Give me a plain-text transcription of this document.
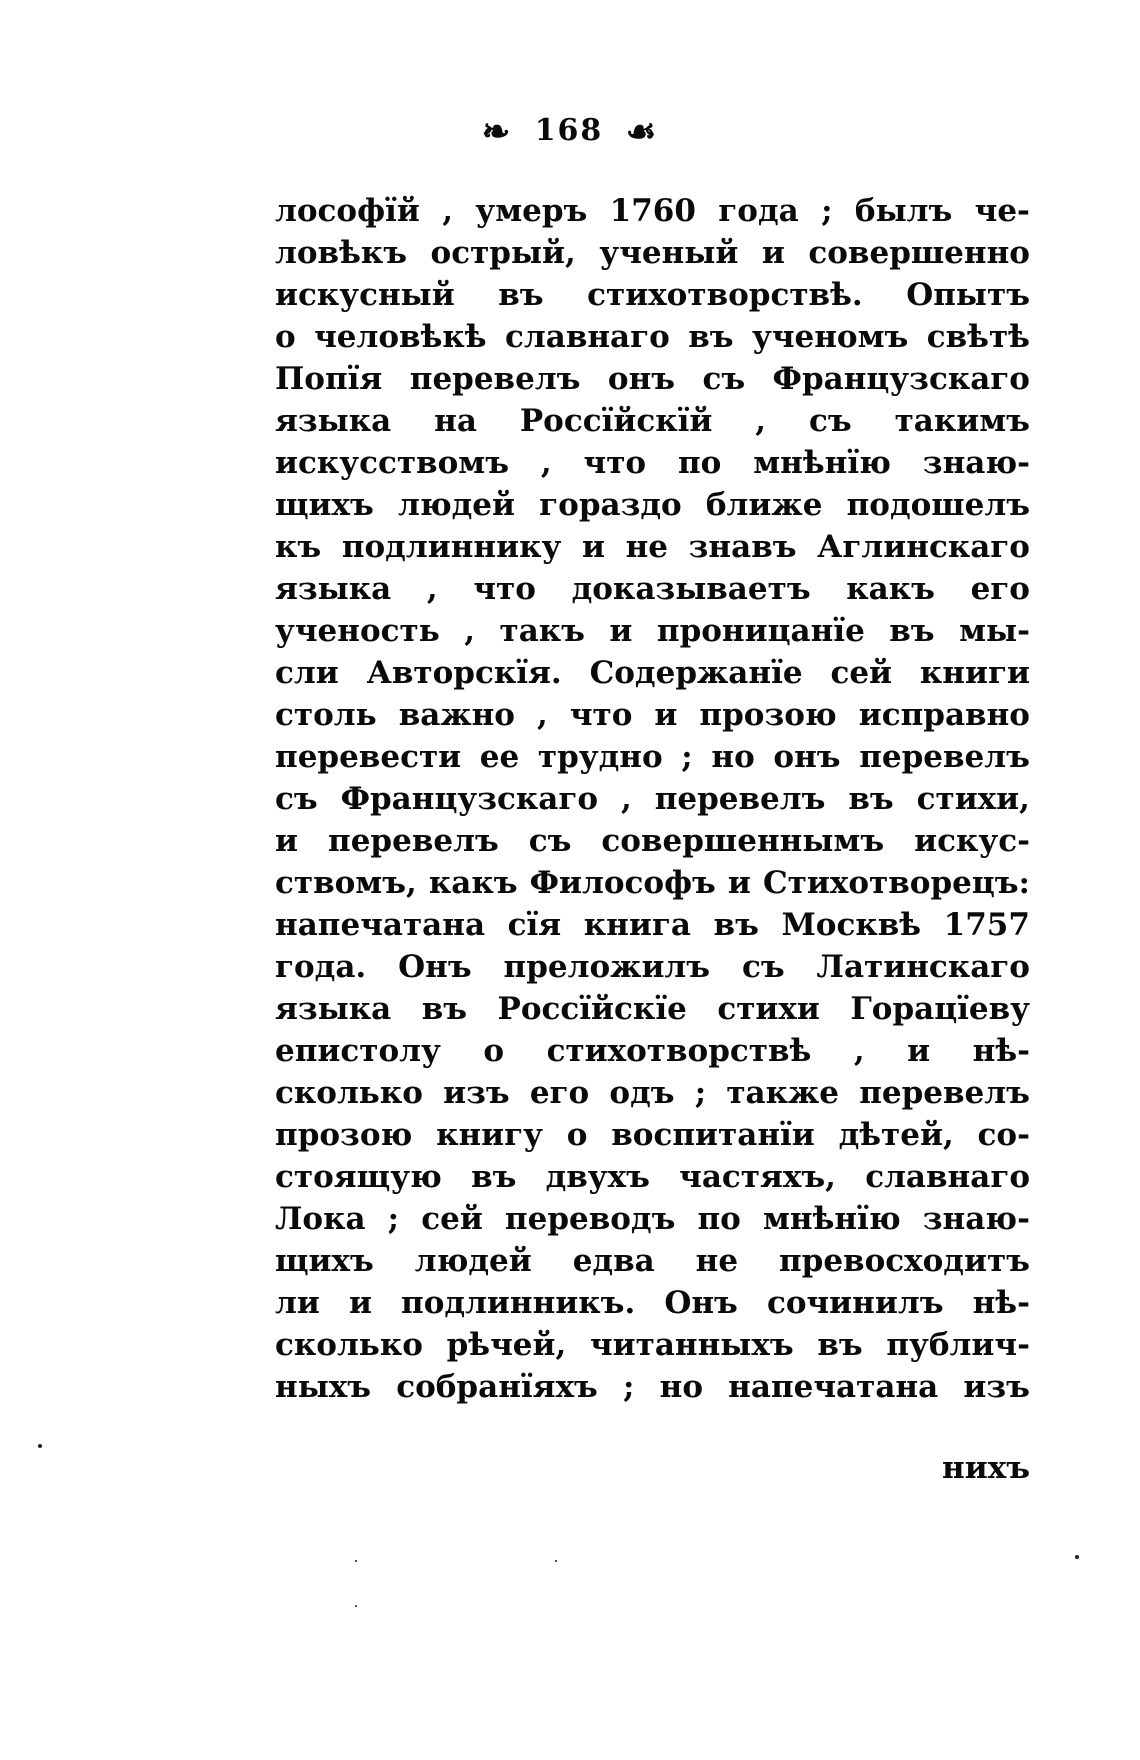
❧ 168 ☙
лософїй , умеръ 1760 года ; былъ че-
ловѣкъ острый, ученый и совершенно
искусный въ стихотворствѣ. Опытъ
о человѣкѣ славнаго въ ученомъ свѣтѣ
Попїя перевелъ онъ съ Французскаго
языка на Россїйскїй , съ такимъ
искусствомъ , что по мнѣнїю знаю-
щихъ людей гораздо ближе подошелъ
къ подлиннику и не знавъ Аглинскаго
языка , что доказываетъ какъ его
ученость , такъ и проницанїе въ мы-
сли Авторскїя. Содержанїе сей книги
столь важно , что и прозою исправно
перевести ее трудно ; но онъ перевелъ
съ Французскаго , перевелъ въ стихи,
и перевелъ съ совершеннымъ искус-
ствомъ, какъ Философъ и Стихотворецъ:
напечатана сїя книга въ Москвѣ 1757
года. Онъ преложилъ съ Латинскаго
языка въ Россїйскїе стихи Горацїеву
епистолу о стихотворствѣ , и нѣ-
сколько изъ его одъ ; также перевелъ
прозою книгу о воспитанїи дѣтей, со-
стоящую въ двухъ частяхъ, славнаго
Лока ; сей переводъ по мнѣнїю знаю-
щихъ людей едва не превосходитъ
ли и подлинникъ. Онъ сочинилъ нѣ-
сколько рѣчей, читанныхъ въ публич-
ныхъ собранїяхъ ; но напечатана изъ
нихъ
